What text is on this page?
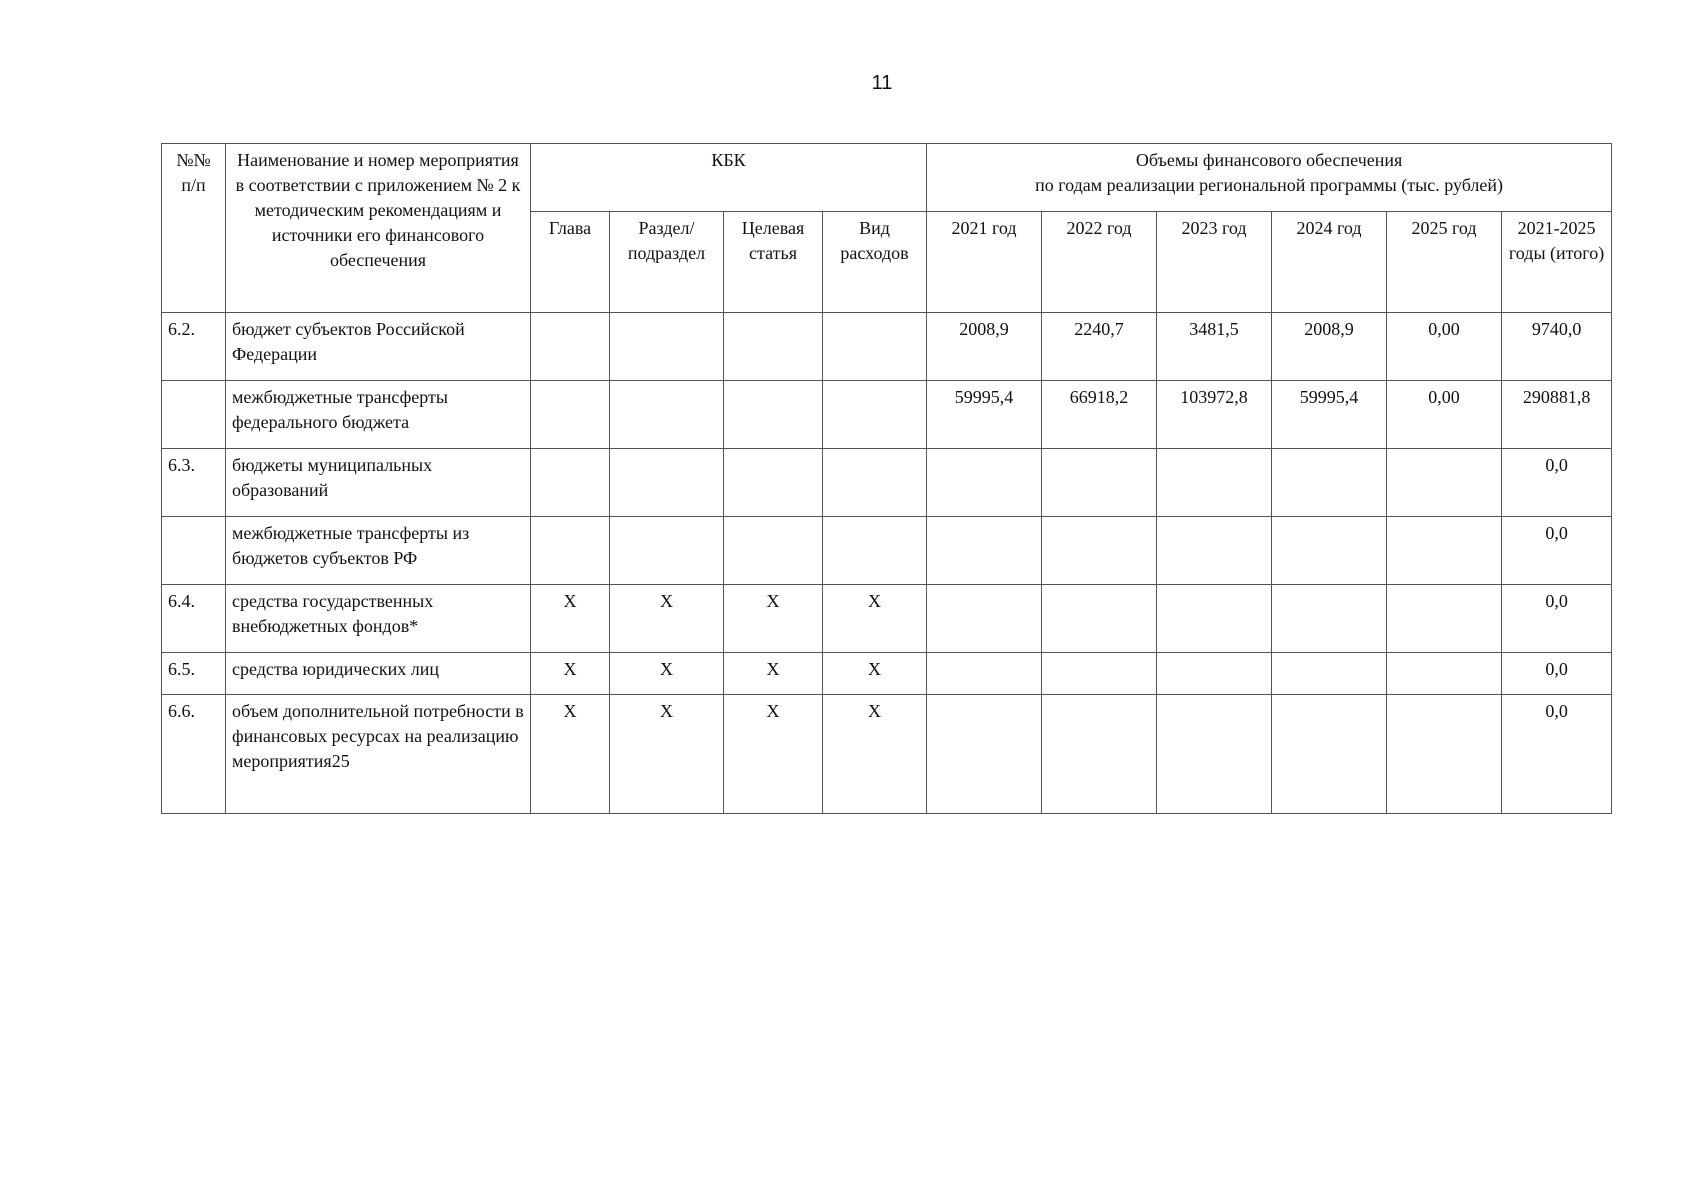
11
№№ п/п	Наименование и номер мероприятия в соответствии с приложением № 2 к методическим рекомендациям и источники его финансового обеспечения	КБК				Объемы финансового обеспечения
по годам реализации региональной программы (тыс. рублей)					

		Глава	Раздел/ подраздел	Целевая статья	Вид расходов	2021 год	2022 год	2023 год	2024 год	2025 год	2021-2025 годы (итого)
6.2.	бюджет субъектов Российской Федерации					2008,9	2240,7	3481,5	2008,9	0,00	9740,0
	межбюджетные трансферты федерального бюджета					59995,4	66918,2	103972,8	59995,4	0,00	290881,8
6.3.	бюджеты муниципальных образований										0,0
	межбюджетные трансферты из бюджетов субъектов РФ										0,0
6.4.	средства государственных внебюджетных фондов*	X	X	X	X						0,0
6.5.	средства юридических лиц	X	X	X	X						0,0
6.6.	объем дополнительной потребности в финансовых ресурсах на реализацию мероприятия25	X	X	X	X						0,0
